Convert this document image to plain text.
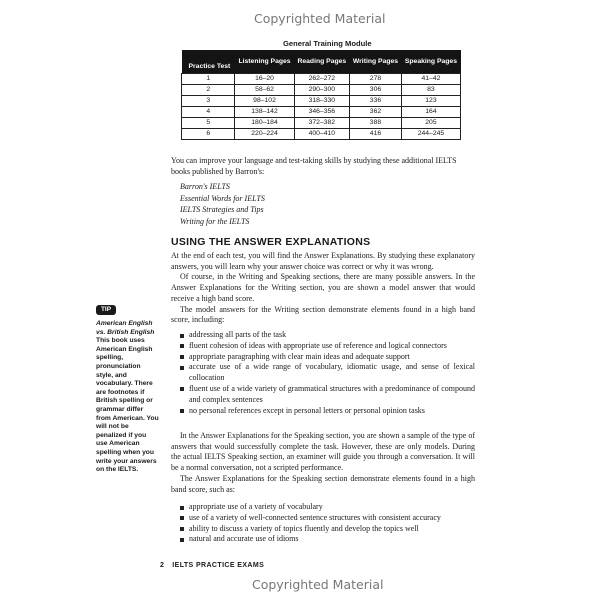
Copyrighted Material
General Training Module
Practice Test	Listening Pages	Reading Pages	Writing Pages	Speaking Pages
1	16–20	262–272	278	41–42
2	58–62	290–300	306	83
3	98–102	318–330	336	123
4	138–142	346–356	362	164
5	180–184	372–382	388	205
6	220–224	400–410	416	244–245
You can improve your language and test-taking skills by studying these additional IELTS books published by Barron's:
Barron's IELTS
Essential Words for IELTS
IELTS Strategies and Tips
Writing for the IELTS
USING THE ANSWER EXPLANATIONS
At the end of each test, you will find the Answer Explanations. By studying these explanatory answers, you will learn why your answer choice was correct or why it was wrong.
Of course, in the Writing and Speaking sections, there are many possible answers. In the Answer Explanations for the Writing section, you are shown a model answer that would receive a high band score.
The model answers for the Writing section demonstrate elements found in a high band score, including:
addressing all parts of the task
fluent cohesion of ideas with appropriate use of reference and logical connectors
appropriate paragraphing with clear main ideas and adequate support
accurate use of a wide range of vocabulary, idiomatic usage, and sense of lexical collocation
fluent use of a wide variety of grammatical structures with a predominance of compound and complex sentences
no personal references except in personal letters or personal opinion tasks
In the Answer Explanations for the Speaking section, you are shown a sample of the type of answers that would successfully complete the task. However, these are only models. During the actual IELTS Speaking section, an examiner will guide you through a conversation. It will be a normal conversation, not a scripted performance.
The Answer Explanations for the Speaking section demonstrate elements found in a high band score, such as:
appropriate use of a variety of vocabulary
use of a variety of well-connected sentence structures with consistent accuracy
ability to discuss a variety of topics fluently and develop the topics well
natural and accurate use of idioms
TIP
American English vs. British English This book uses American English spelling, pronunciation style, and vocabulary. There are footnotes if British spelling or grammar differ from American. You will not be penalized if you use American spelling when you write your answers on the IELTS.
2 IELTS PRACTICE EXAMS
Copyrighted Material
